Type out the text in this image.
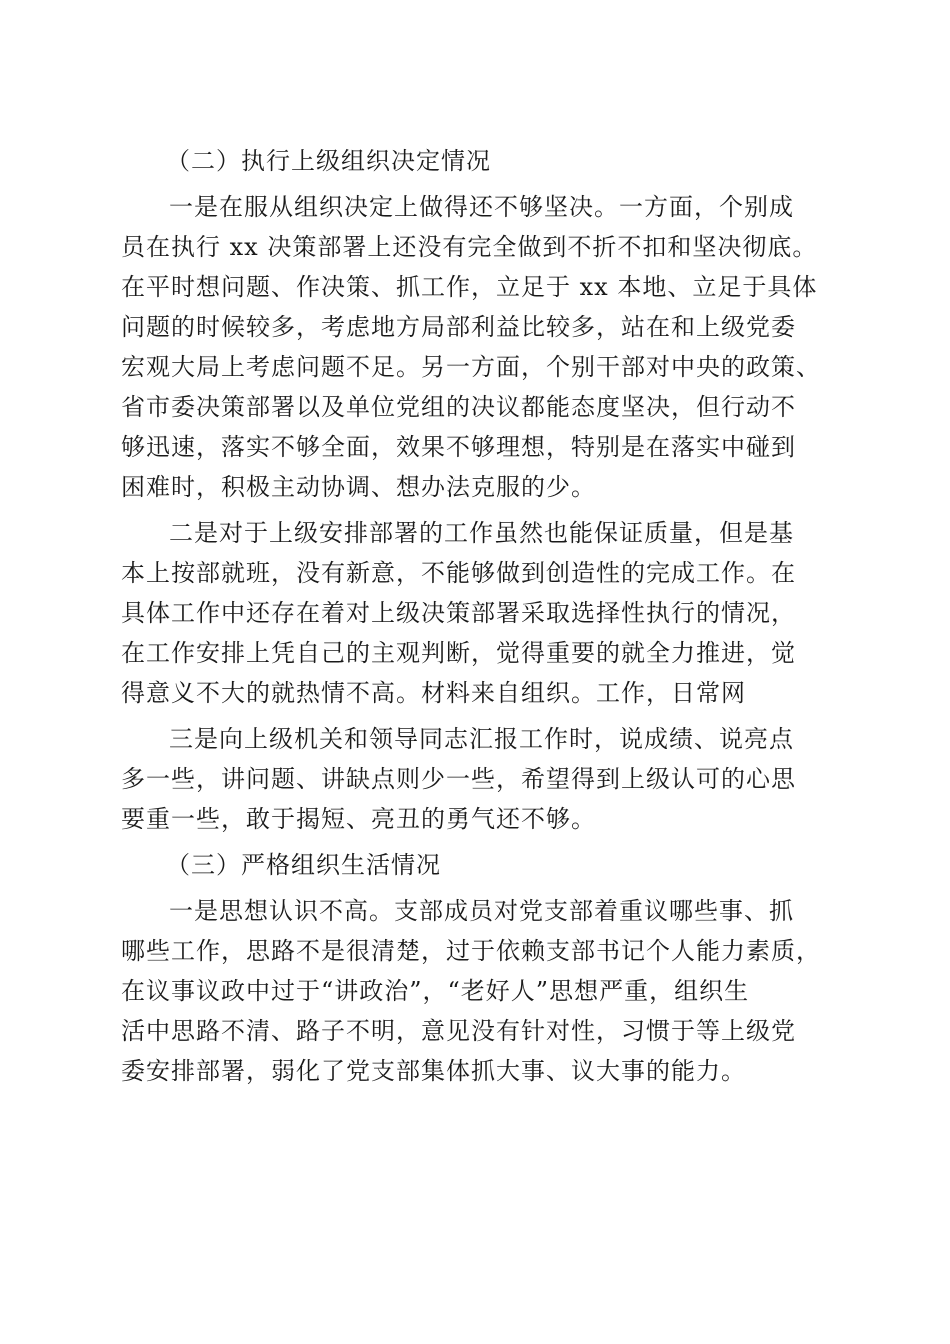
（二）执行上级组织决定情况
一是在服从组织决定上做得还不够坚决。一方面，个别成
员在执行 xx 决策部署上还没有完全做到不折不扣和坚决彻底。
在平时想问题、作决策、抓工作，立足于 xx 本地、立足于具体
问题的时候较多，考虑地方局部利益比较多，站在和上级党委
宏观大局上考虑问题不足。另一方面，个别干部对中央的政策、
省市委决策部署以及单位党组的决议都能态度坚决，但行动不
够迅速，落实不够全面，效果不够理想，特别是在落实中碰到
困难时，积极主动协调、想办法克服的少。
二是对于上级安排部署的工作虽然也能保证质量，但是基
本上按部就班，没有新意，不能够做到创造性的完成工作。在
具体工作中还存在着对上级决策部署采取选择性执行的情况，
在工作安排上凭自己的主观判断，觉得重要的就全力推进，觉
得意义不大的就热情不高。材料来自组织。工作，日常网
三是向上级机关和领导同志汇报工作时，说成绩、说亮点
多一些，讲问题、讲缺点则少一些，希望得到上级认可的心思
要重一些，敢于揭短、亮丑的勇气还不够。
（三）严格组织生活情况
一是思想认识不高。支部成员对党支部着重议哪些事、抓
哪些工作，思路不是很清楚，过于依赖支部书记个人能力素质，
在议事议政中过于“讲政治”，“老好人”思想严重，组织生
活中思路不清、路子不明，意见没有针对性，习惯于等上级党
委安排部署，弱化了党支部集体抓大事、议大事的能力。
